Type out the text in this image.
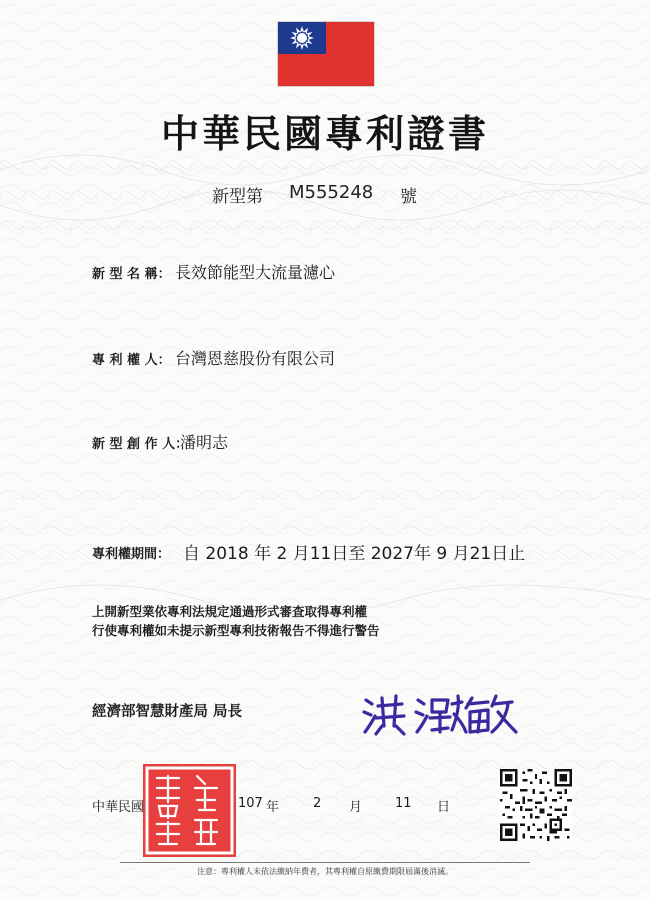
中華民國專利證書
新型第 M555248 號
新 型 名 稱： 長效節能型大流量濾心
專 利 權 人： 台灣恩慈股份有限公司
新 型 創 作 人：
潘明志
專利權期間： 自 2018 年 2 月11日至 2027年 9 月21日止
上開新型業依專利法規定通過形式審查取得專利權
行使專利權如未提示新型專利技術報告不得進行警告
經濟部智慧財產局 局長
經濟部智慧財產局
中華民國	107 年	2 月	11 日
注意：專利權人未依法繳納年費者，其專利權自原繳費期限屆滿後消滅。
